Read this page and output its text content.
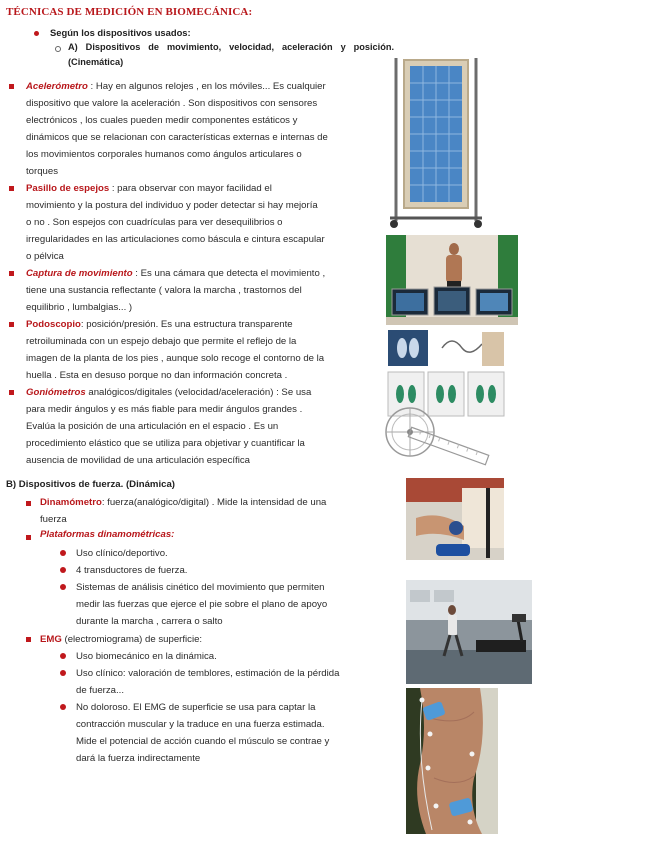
TÉCNICAS DE MEDICIÓN EN BIOMECÁNICA:
Según los dispositivos usados:
A) Dispositivos de movimiento, velocidad, aceleración y posición.
(Cinemática)
Acelerómetro : Hay en algunos relojes , en los móviles... Es cualquier
dispositivo que valore la aceleración . Son dispositivos con sensores
electrónicos , los cuales pueden medir componentes estáticos y
dinámicos que se relacionan con características externas e internas de
los movimientos corporales humanos como ángulos articulares o
torques
Pasillo de espejos : para observar con mayor facilidad el
movimiento y la postura del individuo y poder detectar si hay mejoría
o no . Son espejos con cuadrículas para ver desequilibrios o
irregularidades en las articulaciones como báscula e cintura escapular
o pélvica
Captura de movimiento : Es una cámara que detecta el movimiento ,
tiene una sustancia reflectante ( valora la marcha , trastornos del
equilibrio , lumbalgias... )
Podoscopio: posición/presión. Es una estructura transparente
retroiluminada con un espejo debajo que permite el reflejo de la
imagen de la planta de los pies , aunque solo recoge el contorno de la
huella . Esta en desuso porque no dan información concreta .
Goniómetros analógicos/digitales (velocidad/aceleración) : Se usa
para medir ángulos y es más fiable para medir ángulos grandes .
Evalúa la posición de una articulación en el espacio . Es un
procedimiento elástico que se utiliza para objetivar y cuantificar la
ausencia de movilidad de una articulación específica
B) Dispositivos de fuerza. (Dinámica)
Dinamómetro: fuerza(analógico/digital) . Mide la intensidad de una
fuerza
Plataformas dinamométricas:
Uso clínico/deportivo.
4 transductores de fuerza.
Sistemas de análisis cinético del movimiento que permiten
medir las fuerzas que ejerce el pie sobre el plano de apoyo
durante la marcha , carrera o salto
EMG (electromiograma) de superficie:
Uso biomecánico en la dinámica.
Uso clínico: valoración de temblores, estimación de la pérdida
de fuerza...
No doloroso. El EMG de superficie se usa para captar la
contracción muscular y la traduce en una fuerza estimada.
Mide el potencial de acción cuando el músculo se contrae y
dará la fuerza indirectamente
